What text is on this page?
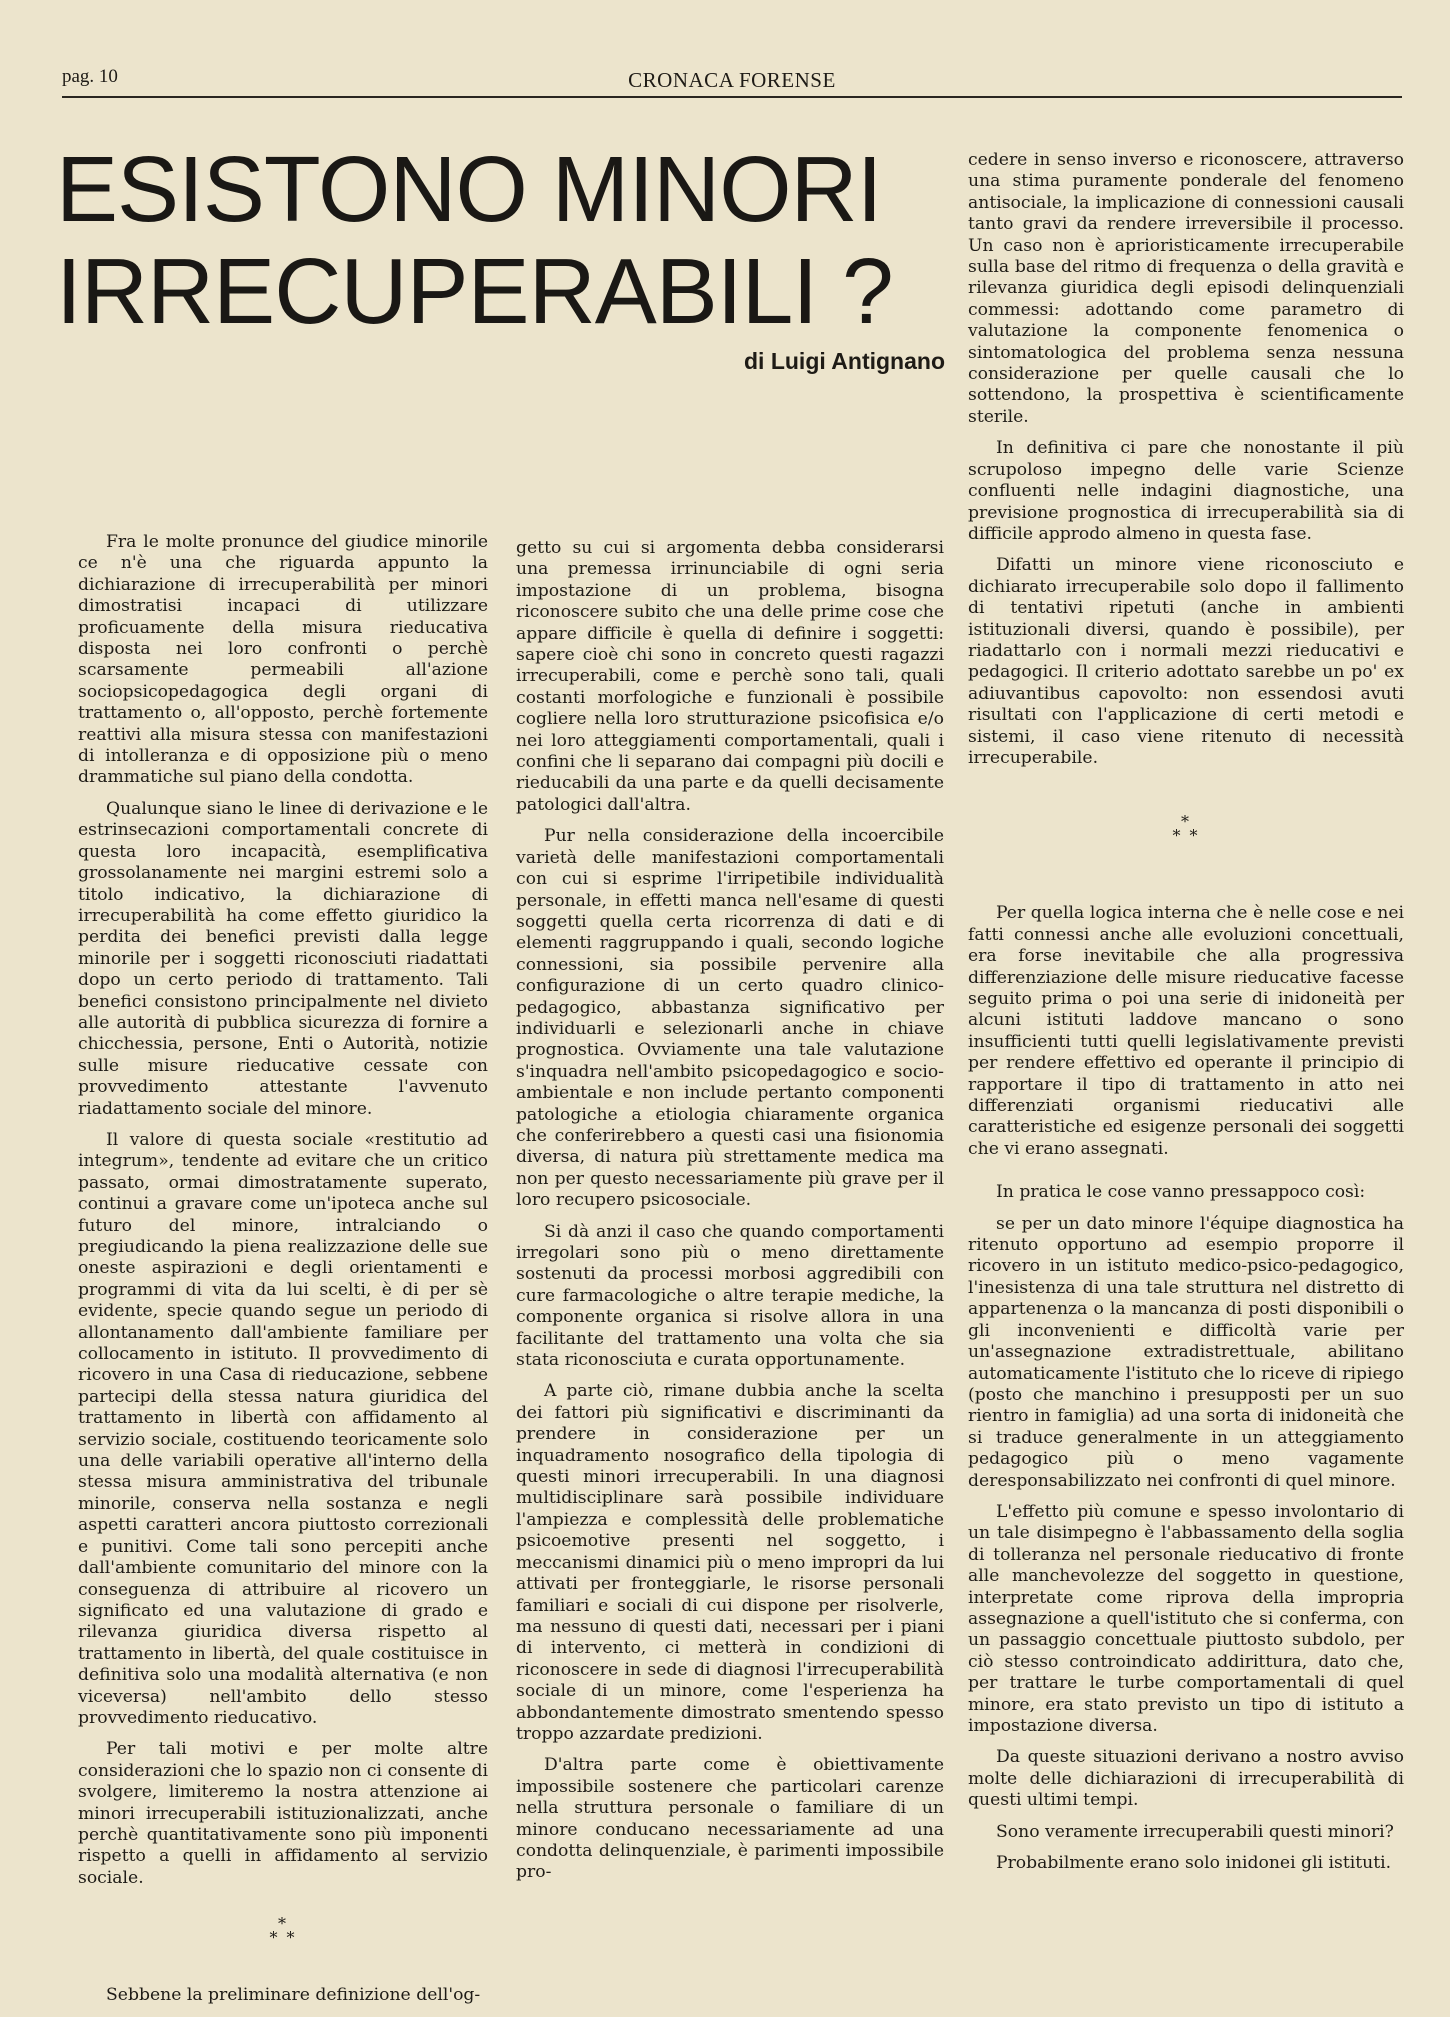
pag. 10	CRONACA FORENSE
ESISTONO MINORI
IRRECUPERABILI ?
di Luigi Antignano

Fra le molte pronunce del giudice minorile ce n'è una che riguarda appunto la dichiarazione di irrecuperabilità per minori dimostratisi incapaci di utilizzare proficuamente della misura rieducativa disposta nei loro confronti o perchè scarsamente permeabili all'azione sociopsicopedagogica degli organi di trattamento o, all'opposto, perchè fortemente reattivi alla misura stessa con manifestazioni di intolleranza e di opposizione più o meno drammatiche sul piano della condotta.

Qualunque siano le linee di derivazione e le estrinsecazioni comportamentali concrete di questa loro incapacità, esemplificativa grossolanamente nei margini estremi solo a titolo indicativo, la dichiarazione di irrecuperabilità ha come effetto giuridico la perdita dei benefici previsti dalla legge minorile per i soggetti riconosciuti riadattati dopo un certo periodo di trattamento. Tali benefici consistono principalmente nel divieto alle autorità di pubblica sicurezza di fornire a chicchessia, persone, Enti o Autorità, notizie sulle misure rieducative cessate con provvedimento attestante l'avvenuto riadattamento sociale del minore.

Il valore di questa sociale «restitutio ad integrum», tendente ad evitare che un critico passato, ormai dimostratamente superato, continui a gravare come un'ipoteca anche sul futuro del minore, intralciando o pregiudicando la piena realizzazione delle sue oneste aspirazioni e degli orientamenti e programmi di vita da lui scelti, è di per sè evidente, specie quando segue un periodo di allontanamento dall'ambiente familiare per collocamento in istituto. Il provvedimento di ricovero in una Casa di rieducazione, sebbene partecipi della stessa natura giuridica del trattamento in libertà con affidamento al servizio sociale, costituendo teoricamente solo una delle variabili operative all'interno della stessa misura amministrativa del tribunale minorile, conserva nella sostanza e negli aspetti caratteri ancora piuttosto correzionali e punitivi. Come tali sono percepiti anche dall'ambiente comunitario del minore con la conseguenza di attribuire al ricovero un significato ed una valutazione di grado e rilevanza giuridica diversa rispetto al trattamento in libertà, del quale costituisce in definitiva solo una modalità alternativa (e non viceversa) nell'ambito dello stesso provvedimento rieducativo.

Per tali motivi e per molte altre considerazioni che lo spazio non ci consente di svolgere, limiteremo la nostra attenzione ai minori irrecuperabili istituzionalizzati, anche perchè quantitativamente sono più imponenti rispetto a quelli in affidamento al servizio sociale.

*
* *

Sebbene la preliminare definizione dell'og-

getto su cui si argomenta debba considerarsi una premessa irrinunciabile di ogni seria impostazione di un problema, bisogna riconoscere subito che una delle prime cose che appare difficile è quella di definire i soggetti: sapere cioè chi sono in concreto questi ragazzi irrecuperabili, come e perchè sono tali, quali costanti morfologiche e funzionali è possibile cogliere nella loro strutturazione psicofisica e/o nei loro atteggiamenti comportamentali, quali i confini che li separano dai compagni più docili e rieducabili da una parte e da quelli decisamente patologici dall'altra.

Pur nella considerazione della incoercibile varietà delle manifestazioni comportamentali con cui si esprime l'irripetibile individualità personale, in effetti manca nell'esame di questi soggetti quella certa ricorrenza di dati e di elementi raggruppando i quali, secondo logiche connessioni, sia possibile pervenire alla configurazione di un certo quadro clinico-pedagogico, abbastanza significativo per individuarli e selezionarli anche in chiave prognostica. Ovviamente una tale valutazione s'inquadra nell'ambito psicopedagogico e socio-ambientale e non include pertanto componenti patologiche a etiologia chiaramente organica che conferirebbero a questi casi una fisionomia diversa, di natura più strettamente medica ma non per questo necessariamente più grave per il loro recupero psicosociale.

Si dà anzi il caso che quando comportamenti irregolari sono più o meno direttamente sostenuti da processi morbosi aggredibili con cure farmacologiche o altre terapie mediche, la componente organica si risolve allora in una facilitante del trattamento una volta che sia stata riconosciuta e curata opportunamente.

A parte ciò, rimane dubbia anche la scelta dei fattori più significativi e discriminanti da prendere in considerazione per un inquadramento nosografico della tipologia di questi minori irrecuperabili. In una diagnosi multidisciplinare sarà possibile individuare l'ampiezza e complessità delle problematiche psicoemotive presenti nel soggetto, i meccanismi dinamici più o meno impropri da lui attivati per fronteggiarle, le risorse personali familiari e sociali di cui dispone per risolverle, ma nessuno di questi dati, necessari per i piani di intervento, ci metterà in condizioni di riconoscere in sede di diagnosi l'irrecuperabilità sociale di un minore, come l'esperienza ha abbondantemente dimostrato smentendo spesso troppo azzardate predizioni.

D'altra parte come è obiettivamente impossibile sostenere che particolari carenze nella struttura personale o familiare di un minore conducano necessariamente ad una condotta delinquenziale, è parimenti impossibile pro-

cedere in senso inverso e riconoscere, attraverso una stima puramente ponderale del fenomeno antisociale, la implicazione di connessioni causali tanto gravi da rendere irreversibile il processo. Un caso non è aprioristicamente irrecuperabile sulla base del ritmo di frequenza o della gravità e rilevanza giuridica degli episodi delinquenziali commessi: adottando come parametro di valutazione la componente fenomenica o sintomatologica del problema senza nessuna considerazione per quelle causali che lo sottendono, la prospettiva è scientificamente sterile.

In definitiva ci pare che nonostante il più scrupoloso impegno delle varie Scienze confluenti nelle indagini diagnostiche, una previsione prognostica di irrecuperabilità sia di difficile approdo almeno in questa fase.

Difatti un minore viene riconosciuto e dichiarato irrecuperabile solo dopo il fallimento di tentativi ripetuti (anche in ambienti istituzionali diversi, quando è possibile), per riadattarlo con i normali mezzi rieducativi e pedagogici. Il criterio adottato sarebbe un po' ex adiuvantibus capovolto: non essendosi avuti risultati con l'applicazione di certi metodi e sistemi, il caso viene ritenuto di necessità irrecuperabile.

*
* *

Per quella logica interna che è nelle cose e nei fatti connessi anche alle evoluzioni concettuali, era forse inevitabile che alla progressiva differenziazione delle misure rieducative facesse seguito prima o poi una serie di inidoneità per alcuni istituti laddove mancano o sono insufficienti tutti quelli legislativamente previsti per rendere effettivo ed operante il principio di rapportare il tipo di trattamento in atto nei differenziati organismi rieducativi alle caratteristiche ed esigenze personali dei soggetti che vi erano assegnati.

In pratica le cose vanno pressappoco così:

se per un dato minore l'équipe diagnostica ha ritenuto opportuno ad esempio proporre il ricovero in un istituto medico-psico-pedagogico, l'inesistenza di una tale struttura nel distretto di appartenenza o la mancanza di posti disponibili o gli inconvenienti e difficoltà varie per un'assegnazione extradistrettuale, abilitano automaticamente l'istituto che lo riceve di ripiego (posto che manchino i presupposti per un suo rientro in famiglia) ad una sorta di inidoneità che si traduce generalmente in un atteggiamento pedagogico più o meno vagamente deresponsabilizzato nei confronti di quel minore.

L'effetto più comune e spesso involontario di un tale disimpegno è l'abbassamento della soglia di tolleranza nel personale rieducativo di fronte alle manchevolezze del soggetto in questione, interpretate come riprova della impropria assegnazione a quell'istituto che si conferma, con un passaggio concettuale piuttosto subdolo, per ciò stesso controindicato addirittura, dato che, per trattare le turbe comportamentali di quel minore, era stato previsto un tipo di istituto a impostazione diversa.

Da queste situazioni derivano a nostro avviso molte delle dichiarazioni di irrecuperabilità di questi ultimi tempi.

Sono veramente irrecuperabili questi minori?

Probabilmente erano solo inidonei gli istituti.
